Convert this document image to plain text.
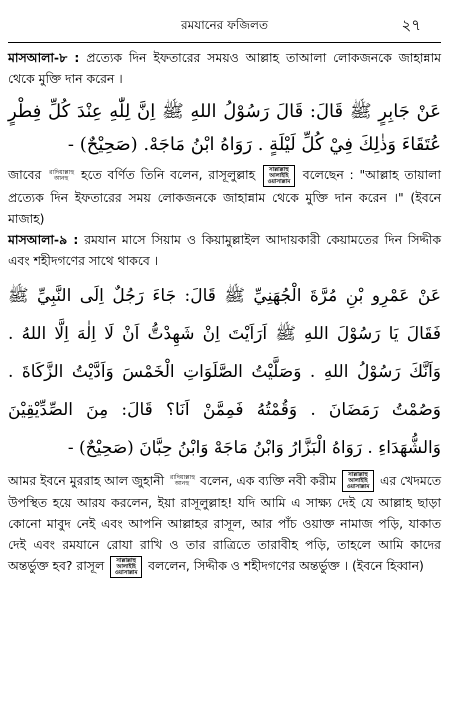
রমযানের ফজিলত	২৭

মাসআলা-৮ : প্রত্যেক দিন ইফতারের সময়ও আল্লাহ তাআলা লোকজনকে জাহান্নাম থেকে মুক্তি দান করেন ।

عَنْ جَابِرٍ ﷺ قَالَ: قَالَ رَسُوْلُ اللهِ ﷺ اِنَّ لِلّٰهِ عِنْدَ كُلِّ فِطْرٍ عُتَقَاءَ وَذٰلِكَ فِيْ كُلِّ لَيْلَةٍ . رَوَاهُ ابْنُ مَاجَهْ. (صَحِيْحٌ) -

জাবের রাদিয়াল্লাহু আনহু হতে বর্ণিত তিনি বলেন, রাসূলুল্লাহ	সাল্লাল্লাহু আলাইহি ওয়াসাল্লাম বলেছেন : "আল্লাহ তায়ালা প্রত্যেক দিন ইফতারের সময় লোকজনকে জাহান্নাম থেকে মুক্তি দান করেন ।" (ইবনে মাজাহ)

মাসআলা-৯ : রমযান মাসে সিয়াম ও কিয়ামুল্লাইল আদায়কারী কেয়ামতের দিন সিদ্দীক এবং শহীদগণের সাথে থাকবে ।

عَنْ عَمْرِو بْنِ مُرَّةَ الْجُهَنِيِّ ﷺ قَالَ: جَاءَ رَجُلٌ اِلَى النَّبِيِّ ﷺ فَقَالَ يَا رَسُوْلَ اللهِ ﷺ اَرَاَيْتَ اِنْ شَهِدْتُّ اَنْ لَا اِلٰهَ اِلَّا اللهُ . وَاَنَّكَ رَسُوْلُ اللهِ . وَصَلَّيْتُ الصَّلَوَاتِ الْخَمْسَ وَاَدَّيْتُ الزَّكَاةَ . وَصُمْتُ رَمَضَانَ . وَقُمْتُهُ فَمِمَّنْ اَنَا؟ قَالَ: مِنَ الصِّدِّيْقِيْنَ وَالشُّهَدَاءِ . رَوَاهُ الْبَزَّارُ وَابْنُ مَاجَهْ وَابْنُ حِبَّانَ (صَحِيْحٌ) -

আমর ইবনে মুররাহ আল জুহানী রাদিয়াল্লাহু আনহু বলেন, এক ব্যক্তি নবী করীম সাল্লাল্লাহু আলাইহি ওয়াসাল্লাম এর খেদমতে উপস্থিত হয়ে আরয করলেন, ইয়া রাসূলুল্লাহ! যদি আমি এ সাক্ষ্য দেই যে আল্লাহ ছাড়া কোনো মাবুদ নেই এবং আপনি আল্লাহর রাসূল, আর পাঁচ ওয়াক্ত নামাজ পড়ি, যাকাত দেই এবং রমযানে রোযা রাখি ও তার রাত্রিতে তারাবীহ পড়ি, তাহলে আমি কাদের অন্তর্ভুক্ত হব? রাসূল সাল্লাল্লাহু আলাইহি ওয়াসাল্লাম বললেন, সিদ্দীক ও শহীদগণের অন্তর্ভুক্ত । (ইবনে হিব্বান)
